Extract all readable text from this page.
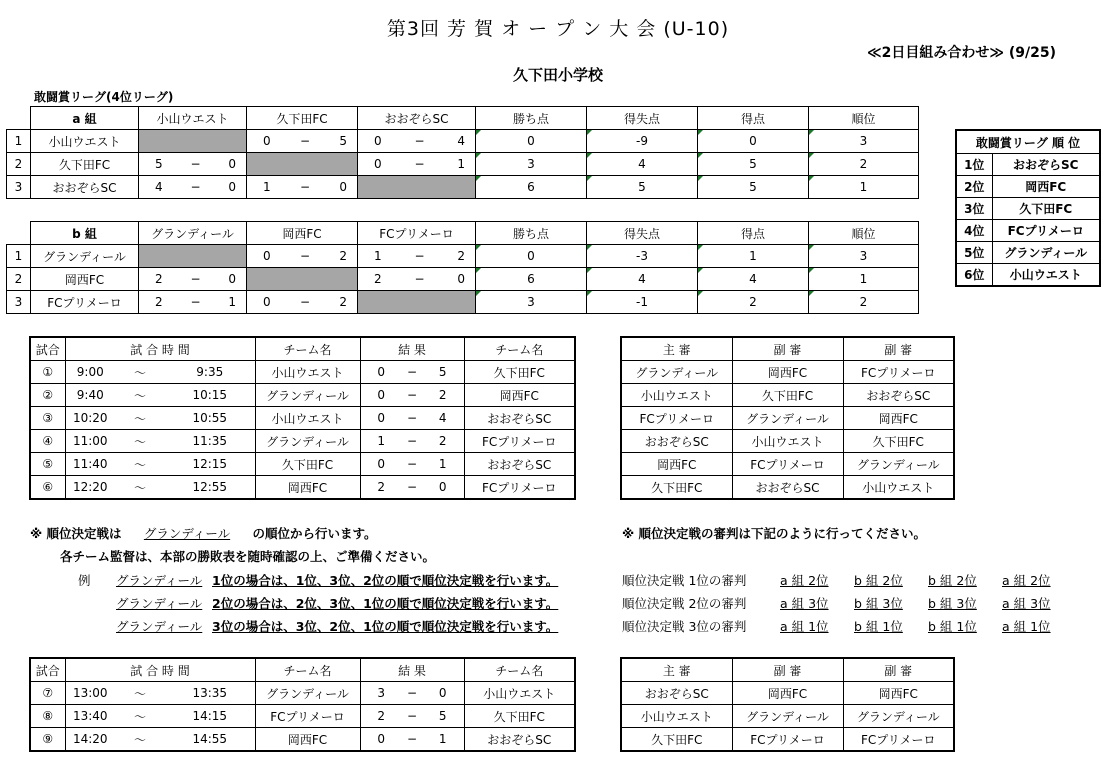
第3回 芳 賀 オ ー プ ン 大 会 (U-10)
≪2日目組み合わせ≫ (9/25)
久下田小学校
敢闘賞リーグ(4位リーグ)
	a 組	小山ウエスト	久下田FC	おおぞらSC	勝ち点	得失点	得点	順位
1	小山ウエスト		0 − 5	0 − 4	0	-9	0	3
2	久下田FC	5 − 0		0 − 1	3	4	5	2
3	おおぞらSC	4 − 0	1 − 0		6	5	5	1
	b 組	グランディール	岡西FC	FCプリメーロ	勝ち点	得失点	得点	順位
1	グランディール		0 − 2	1 − 2	0	-3	1	3
2	岡西FC	2 − 0		2 − 0	6	4	4	1
3	FCプリメーロ	2 − 1	0 − 2		3	-1	2	2
敢闘賞リーグ 順 位	
1位	おおぞらSC
2位	岡西FC
3位	久下田FC
4位	FCプリメーロ
5位	グランディール
6位	小山ウエスト
試合	試 合 時 間			チーム名	結 果			チーム名
①	9:00	〜	9:35	小山ウエスト	0	−	5	久下田FC
②	9:40	〜	10:15	グランディール	0	−	2	岡西FC
③	10:20	〜	10:55	小山ウエスト	0	−	4	おおぞらSC
④	11:00	〜	11:35	グランディール	1	−	2	FCプリメーロ
⑤	11:40	〜	12:15	久下田FC	0	−	1	おおぞらSC
⑥	12:20	〜	12:55	岡西FC	2	−	0	FCプリメーロ
主 審	副 審	副 審
グランディール	岡西FC	FCプリメーロ
小山ウエスト	久下田FC	おおぞらSC
FCプリメーロ	グランディール	岡西FC
おおぞらSC	小山ウエスト	久下田FC
岡西FC	FCプリメーロ	グランディール
久下田FC	おおぞらSC	小山ウエスト
※ 順位決定戦は グランディール の順位から行います。
各チーム監督は、本部の勝敗表を随時確認の上、ご準備ください。
例 グランディール 1位の場合は、1位、3位、2位の順で順位決定戦を行います。
グランディール 2位の場合は、2位、3位、1位の順で順位決定戦を行います。
グランディール 3位の場合は、3位、2位、1位の順で順位決定戦を行います。
※ 順位決定戦の審判は下記のように行ってください。
順位決定戦 1位の審判	a 組 2位	b 組 2位	b 組 2位	a 組 2位
順位決定戦 2位の審判	a 組 3位	b 組 3位	b 組 3位	a 組 3位
順位決定戦 3位の審判	a 組 1位	b 組 1位	b 組 1位	a 組 1位
試合	試 合 時 間			チーム名	結 果			チーム名
⑦	13:00	〜	13:35	グランディール	3	−	0	小山ウエスト
⑧	13:40	〜	14:15	FCプリメーロ	2	−	5	久下田FC
⑨	14:20	〜	14:55	岡西FC	0	−	1	おおぞらSC
主 審	副 審	副 審
おおぞらSC	岡西FC	岡西FC
小山ウエスト	グランディール	グランディール
久下田FC	FCプリメーロ	FCプリメーロ
